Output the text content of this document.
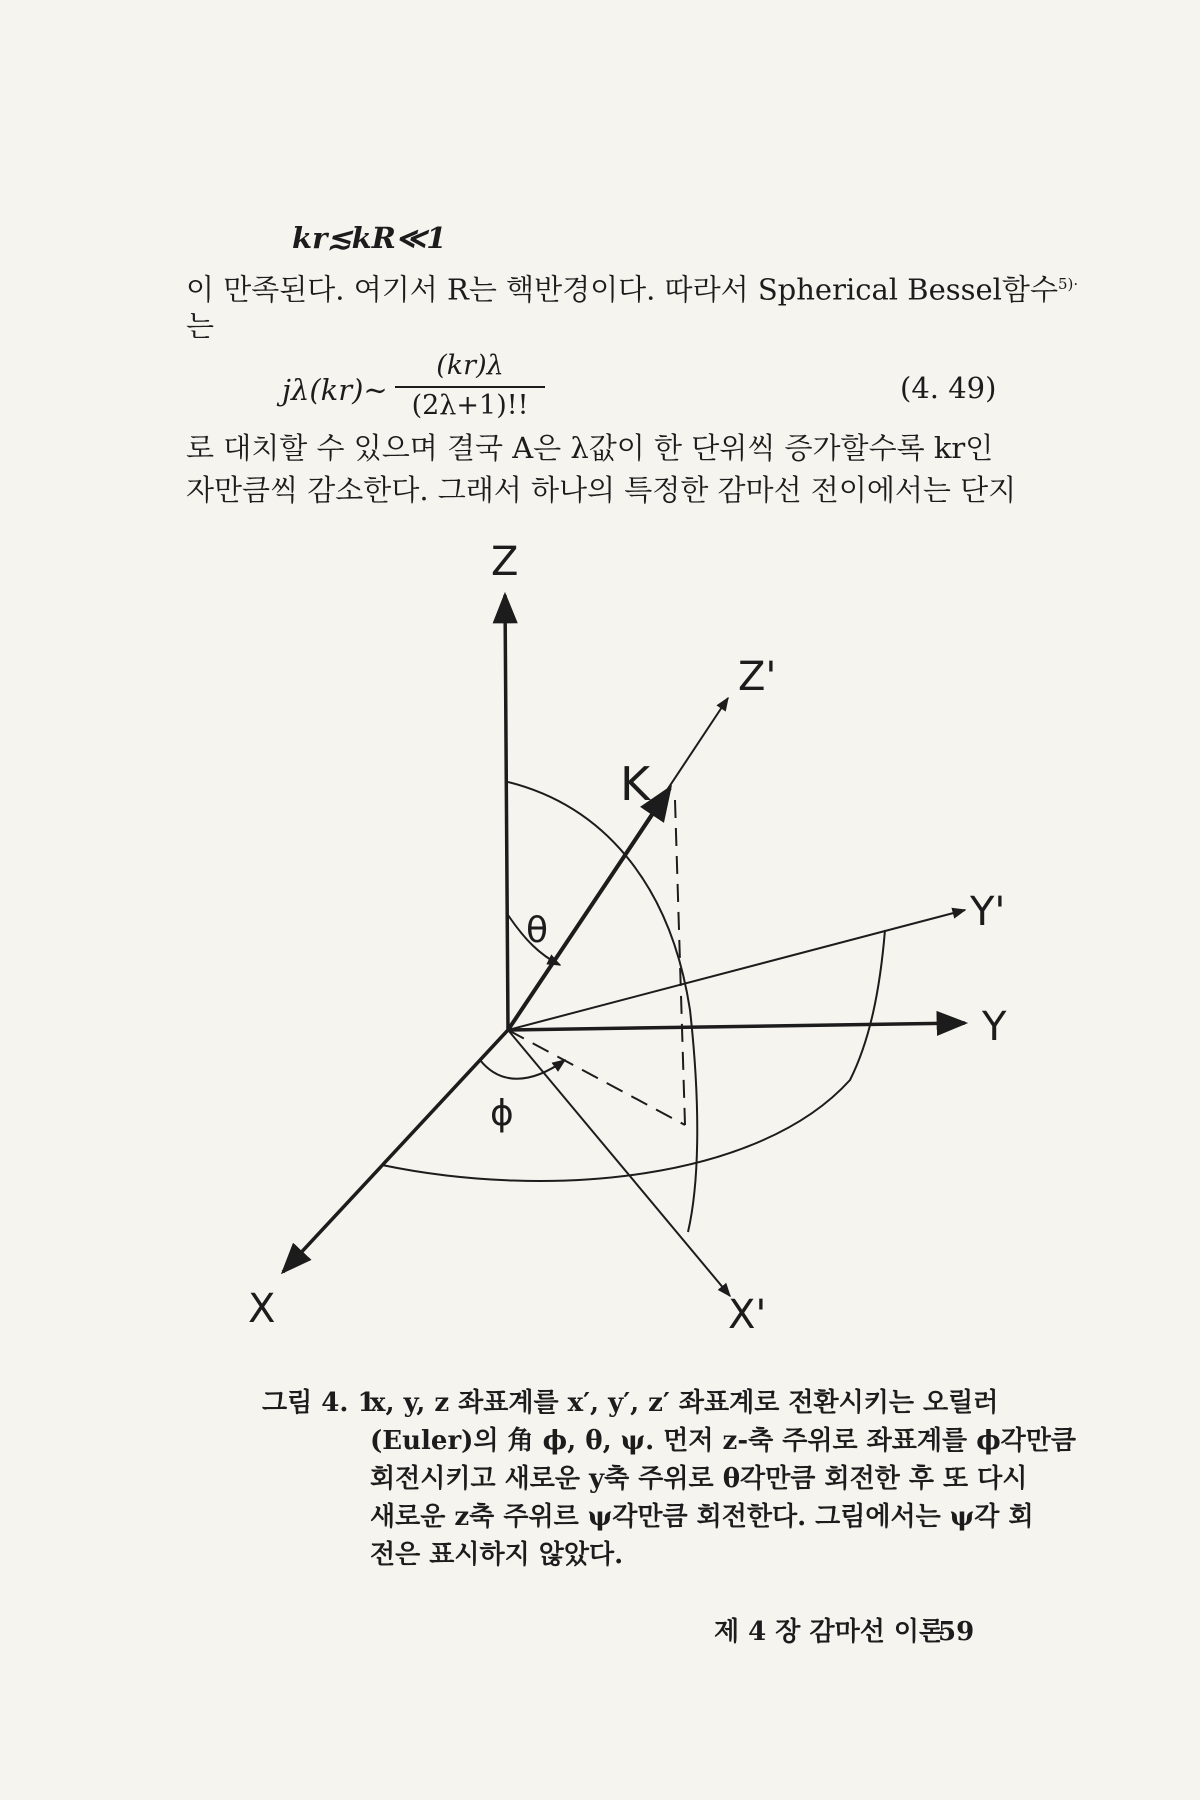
kr≲kR≪1
이 만족된다. 여기서 R는 핵반경이다. 따라서 Spherical Bessel함수$^{5)\cdot}$
는
jλ(kr)∼
(kr)λ
(2λ+1)!!
(4. 49)
로 대치할 수 있으며 결국 A은 λ값이 한 단위씩 증가할수록 kr인
자만큼씩 감소한다. 그래서 하나의 특정한 감마선 전이에서는 단지
Z
Z'
K
θ	Y'
Y
ϕ
X	X'
그림 4. 1
x, y, z 좌표계를 x′, y′, z′ 좌표계로 전환시키는 오릴러
(Euler)의 角 ϕ, θ, ψ. 먼저 z-축 주위로 좌표계를 ϕ각만큼
회전시키고 새로운 y축 주위로 θ각만큼 회전한 후 또 다시
새로운 z축 주위르 ψ각만큼 회전한다. 그림에서는 ψ각 회
전은 표시하지 않았다.
제 4 장 감마선 이론
59
